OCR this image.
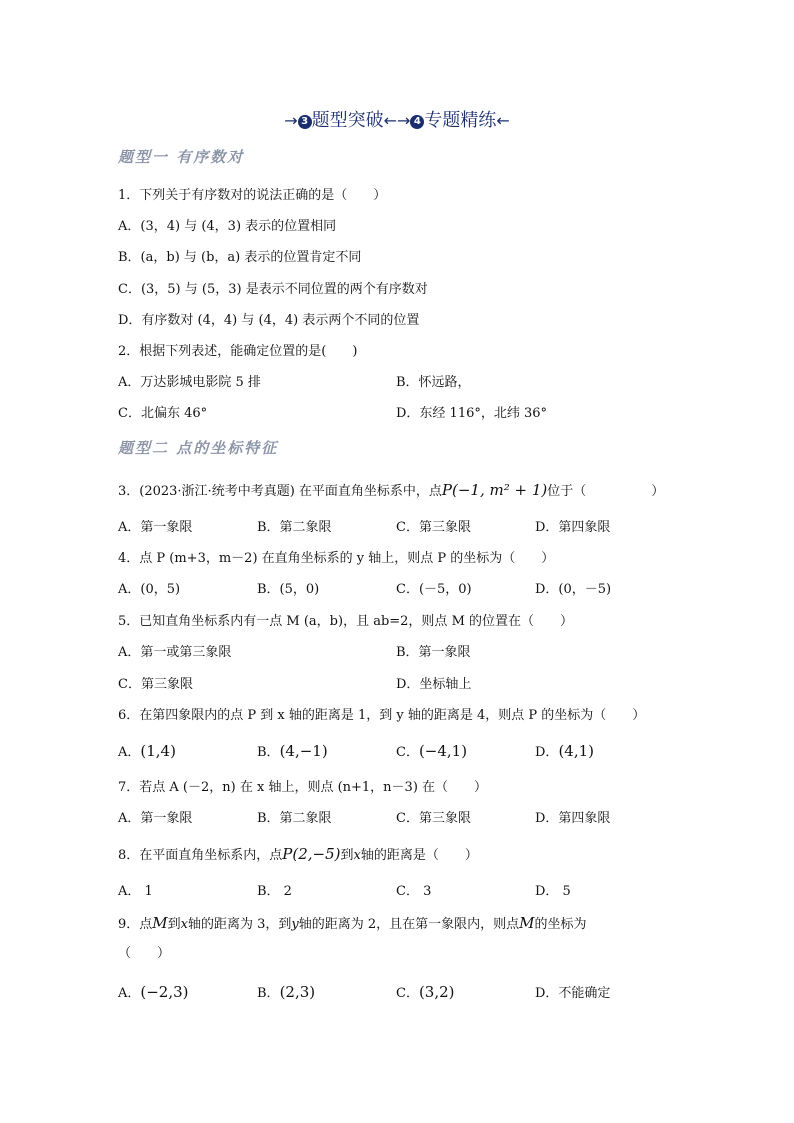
→ 3 题型突破←→ 4 专题精练←
题型一 有序数对
1．下列关于有序数对的说法正确的是（　　）
A．(3，4) 与 (4，3) 表示的位置相同
B．(a，b) 与 (b，a) 表示的位置肯定不同
C．(3，5) 与 (5，3) 是表示不同位置的两个有序数对
D．有序数对 (4，4) 与 (4，4) 表示两个不同的位置
2．根据下列表述，能确定位置的是(　　)
A．万达影城电影院 5 排	B．怀远路，
C．北偏东 46°	D．东经 116°，北纬 36°
题型二 点的坐标特征
3．(2023·浙江·统考中考真题) 在平面直角坐标系中，点P(−1, m² + 1)位于（　　　　　）
A．第一象限	B．第二象限	C．第三象限	D．第四象限
4．点 P (m+3，m－2) 在直角坐标系的 y 轴上，则点 P 的坐标为（　　）
A．(0，5)	B．(5，0)	C．(－5，0)	D．(0，－5)
5．已知直角坐标系内有一点 M (a，b)，且 ab=2，则点 M 的位置在（　　）
A．第一或第三象限	B．第一象限
C．第三象限	D．坐标轴上
6．在第四象限内的点 P 到 x 轴的距离是 1，到 y 轴的距离是 4，则点 P 的坐标为（　　）
A．(1,4)	B．(4,−1)	C．(−4,1)	D．(4,1)
7．若点 A (－2，n) 在 x 轴上，则点 (n+1，n－3) 在（　　）
A．第一象限	B．第二象限	C．第三象限	D．第四象限
8．在平面直角坐标系内，点P(2,−5)到x轴的距离是（　　）
A． 1	B． 2	C． 3	D． 5
9．点M到x轴的距离为 3，到y轴的距离为 2，且在第一象限内，则点M的坐标为
（　　）
A．(−2,3)	B．(2,3)	C．(3,2)	D．不能确定
